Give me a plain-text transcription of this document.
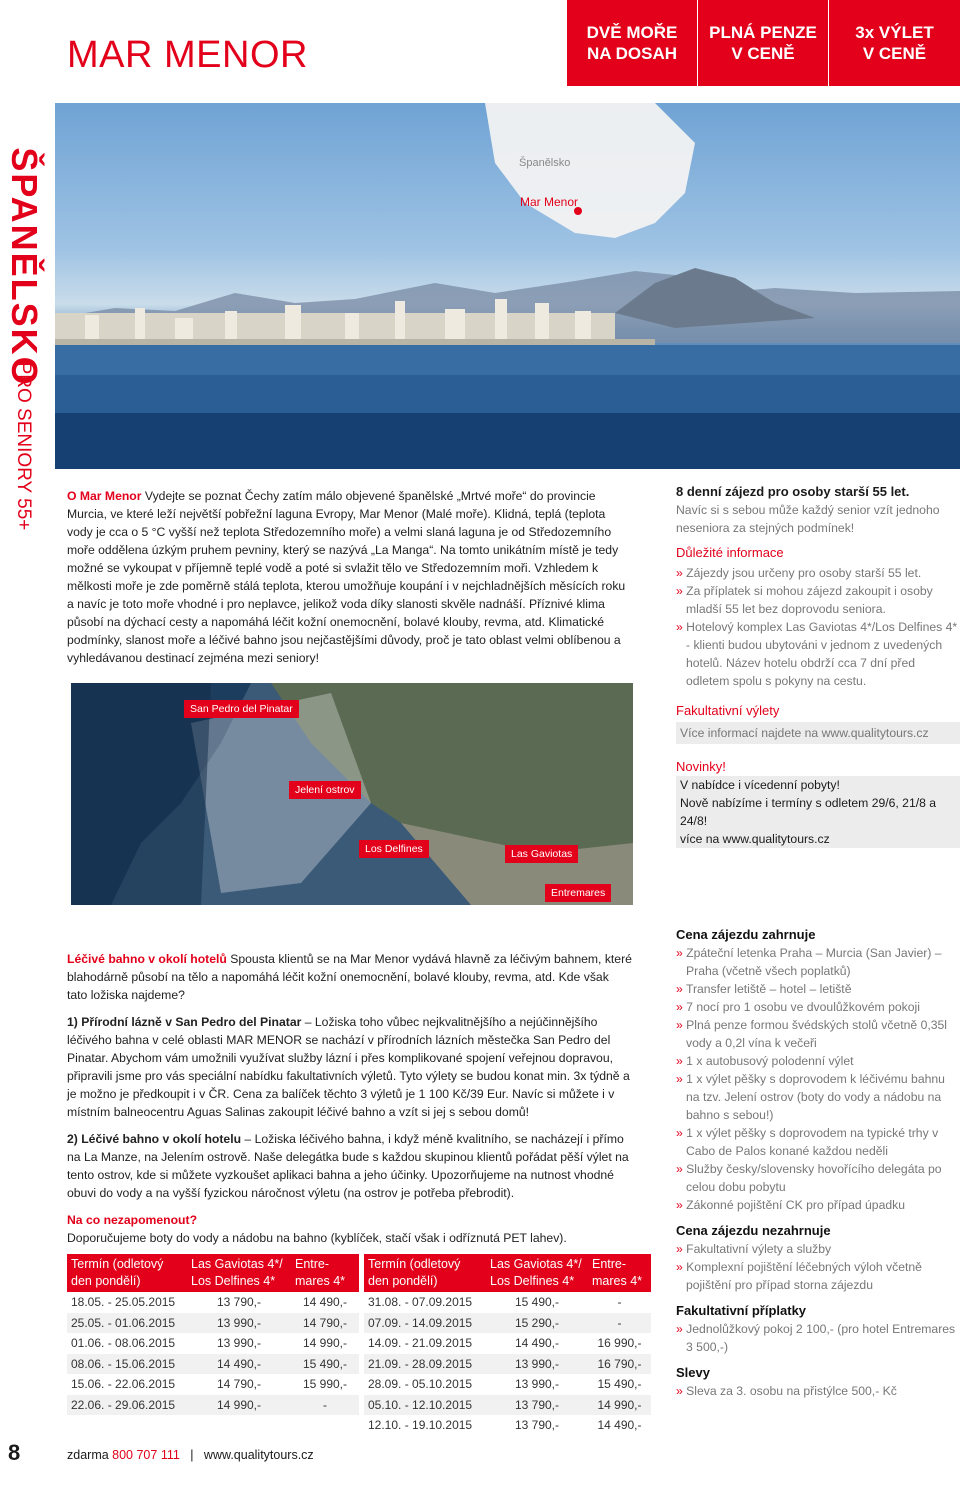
ŠPANĚLSKO
PRO SENIORY 55+
8
MAR MENOR
DVĚ MOŘE
NA DOSAH
PLNÁ PENZE
V CENĚ
3x VÝLET
V CENĚ
Španělsko
Mar Menor
O Mar Menor Vydejte se poznat Čechy zatím málo objevené španělské „Mrtvé moře“ do provincie Murcia, ve které leží největší pobřežní laguna Evropy, Mar Menor (Malé moře). Klidná, teplá (teplota vody je cca o 5 °C vyšší než teplota Středozemního moře) a velmi slaná laguna je od Středozemního moře oddělena úzkým pruhem pevniny, který se nazývá „La Manga“. Na tomto unikátním místě je tedy možné se vykoupat v příjemně teplé vodě a poté si svlažit tělo ve Středozemním moři. Vzhledem k mělkosti moře je zde poměrně stálá teplota, kterou umožňuje koupání i v nejchladnějších měsících roku a navíc je toto moře vhodné i pro neplavce, jelikož voda díky slanosti skvěle nadnáší. Příznivé klima působí na dýchací cesty a napomáhá léčit kožní onemocnění, bolavé klouby, revma, atd. Klimatické podmínky, slanost moře a léčivé bahno jsou nejčastějšími důvody, proč je tato oblast velmi oblíbenou a vyhledávanou destinací zejména mezi seniory!
San Pedro del Pinatar
Jelení ostrov
Los Delfines	Las Gaviotas
Entremares
Léčivé bahno v okolí hotelů Spousta klientů se na Mar Menor vydává hlavně za léčivým bahnem, které blahodárně působí na tělo a napomáhá léčit kožní onemocnění, bolavé klouby, revma, atd. Kde však tato ložiska najdeme?
1) Přírodní lázně v San Pedro del Pinatar – Ložiska toho vůbec nejkvalitnějšího a nejúčinnějšího léčivého bahna v celé oblasti MAR MENOR se nachází v přírodních lázních městečka San Pedro del Pinatar. Abychom vám umožnili využívat služby lázní i přes komplikované spojení veřejnou dopravou, připravili jsme pro vás speciální nabídku fakultativních výletů. Tyto výlety se budou konat min. 3x týdně a je možno je předkoupit i v ČR. Cena za balíček těchto 3 výletů je 1 100 Kč/39 Eur. Navíc si můžete i v místním balneocentru Aguas Salinas zakoupit léčivé bahno a vzít si jej s sebou domů!
2) Léčivé bahno v okolí hotelu – Ložiska léčivého bahna, i když méně kvalitního, se nacházejí i přímo na La Manze, na Jelením ostrově. Naše delegátka bude s každou skupinou klientů pořádat pěší výlet na tento ostrov, kde si můžete vyzkoušet aplikaci bahna a jeho účinky. Upozorňujeme na nutnost vhodné obuvi do vody a na vyšší fyzickou náročnost výletu (na ostrov je potřeba přebrodit).
Na co nezapomenout?
Doporučujeme boty do vody a nádobu na bahno (kyblíček, stačí však i odříznutá PET lahev).
Termín (odletový den pondělí)	Las Gaviotas 4*/ Los Delfines 4*	Entre-mares 4*
18.05. - 25.05.2015	13 790,-	14 490,-
25.05. - 01.06.2015	13 990,-	14 790,-
01.06. - 08.06.2015	13 990,-	14 990,-
08.06. - 15.06.2015	14 490,-	15 490,-
15.06. - 22.06.2015	14 790,-	15 990,-
22.06. - 29.06.2015	14 990,-	-
Termín (odletový den pondělí)	Las Gaviotas 4*/ Los Delfines 4*	Entre-mares 4*
31.08. - 07.09.2015	15 490,-	-
07.09. - 14.09.2015	15 290,-	-
14.09. - 21.09.2015	14 490,-	16 990,-
21.09. - 28.09.2015	13 990,-	16 790,-
28.09. - 05.10.2015	13 990,-	15 490,-
05.10. - 12.10.2015	13 790,-	14 990,-
12.10. - 19.10.2015	13 790,-	14 490,-
zdarma 800 707 111 | www.qualitytours.cz
8 denní zájezd pro osoby starší 55 let.
Navíc si s sebou může každý senior vzít jednoho neseniora za stejných podmínek!
Důležité informace
» Zájezdy jsou určeny pro osoby starší 55 let.
» Za příplatek si mohou zájezd zakoupit i osoby mladší 55 let bez doprovodu seniora.
» Hotelový komplex Las Gaviotas 4*/Los Delfines 4* - klienti budou ubytováni v jednom z uvedených hotelů. Název hotelu obdrží cca 7 dní před odletem spolu s pokyny na cestu.
Fakultativní výlety
Více informací najdete na www.qualitytours.cz
Novinky!
V nabídce i vícedenní pobyty!
Nově nabízíme i termíny s odletem 29/6, 21/8 a 24/8!
více na www.qualitytours.cz
Cena zájezdu zahrnuje
» Zpáteční letenka Praha – Murcia (San Javier) – Praha (včetně všech poplatků)
» Transfer letiště – hotel – letiště
» 7 nocí pro 1 osobu ve dvoulůžkovém pokoji
» Plná penze formou švédských stolů včetně 0,35l vody a 0,2l vína k večeři
» 1 x autobusový polodenní výlet
» 1 x výlet pěšky s doprovodem k léčivému bahnu na tzv. Jelení ostrov (boty do vody a nádobu na bahno s sebou!)
» 1 x výlet pěšky s doprovodem na typické trhy v Cabo de Palos konané každou neděli
» Služby česky/slovensky hovořícího delegáta po celou dobu pobytu
» Zákonné pojištění CK pro případ úpadku
Cena zájezdu nezahrnuje
» Fakultativní výlety a služby
» Komplexní pojištění léčebných výloh včetně pojištění pro případ storna zájezdu
Fakultativní příplatky
» Jednolůžkový pokoj 2 100,- (pro hotel Entremares 3 500,-)
Slevy
» Sleva za 3. osobu na přistýlce 500,- Kč
